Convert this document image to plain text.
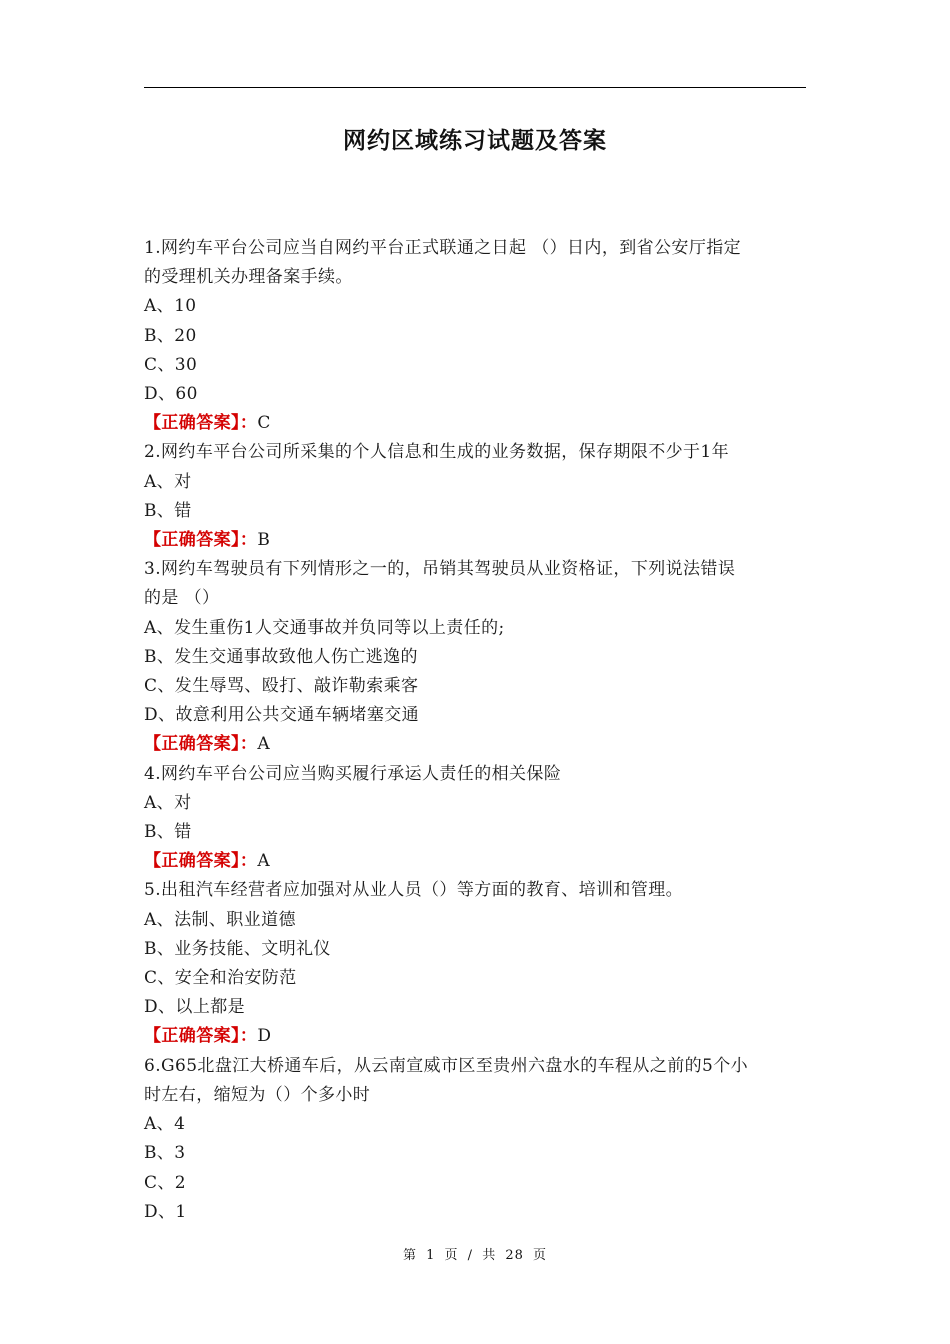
网约区域练习试题及答案
1.网约车平台公司应当自网约平台正式联通之日起 （）日内，到省公安厅指定
的受理机关办理备案手续。
A、10
B、20
C、30
D、60
【正确答案】：C
2.网约车平台公司所采集的个人信息和生成的业务数据，保存期限不少于1年
A、对
B、错
【正确答案】：B
3.网约车驾驶员有下列情形之一的，吊销其驾驶员从业资格证，下列说法错误
的是 （）
A、发生重伤1人交通事故并负同等以上责任的;
B、发生交通事故致他人伤亡逃逸的
C、发生辱骂、殴打、敲诈勒索乘客
D、故意利用公共交通车辆堵塞交通
【正确答案】：A
4.网约车平台公司应当购买履行承运人责任的相关保险
A、对
B、错
【正确答案】：A
5.出租汽车经营者应加强对从业人员（）等方面的教育、培训和管理。
A、法制、职业道德
B、业务技能、文明礼仪
C、安全和治安防范
D、以上都是
【正确答案】：D
6.G65北盘江大桥通车后，从云南宣威市区至贵州六盘水的车程从之前的5个小
时左右，缩短为（）个多小时
A、4
B、3
C、2
D、1
第 1 页 / 共 28 页
